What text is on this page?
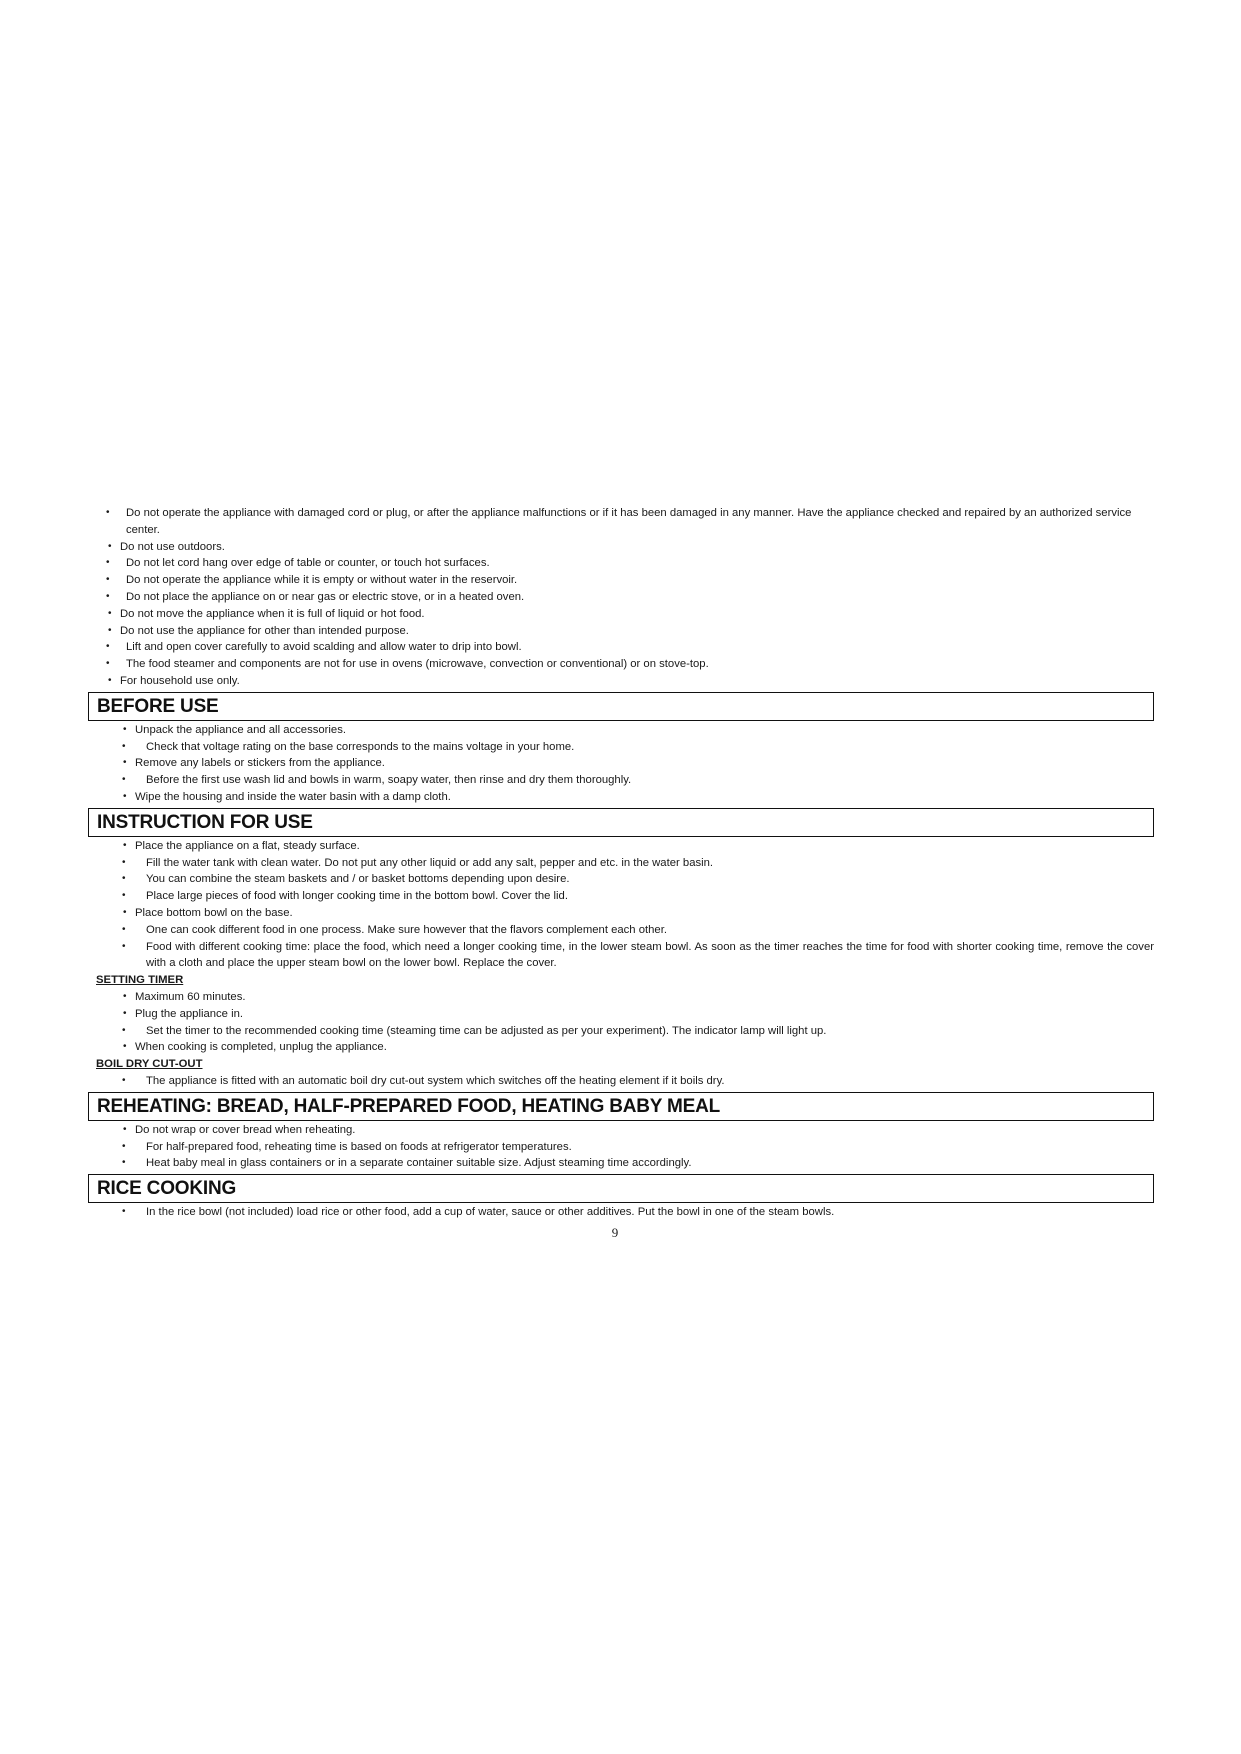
• Do not operate the appliance with damaged cord or plug, or after the appliance malfunctions or if it has been damaged in any manner. Have the appliance checked and repaired by an authorized service center.
• Do not use outdoors.
• Do not let cord hang over edge of table or counter, or touch hot surfaces.
• Do not operate the appliance while it is empty or without water in the reservoir.
• Do not place the appliance on or near gas or electric stove, or in a heated oven.
• Do not move the appliance when it is full of liquid or hot food.
• Do not use the appliance for other than intended purpose.
• Lift and open cover carefully to avoid scalding and allow water to drip into bowl.
• The food steamer and components are not for use in ovens (microwave, convection or conventional) or on stove-top.
• For household use only.
BEFORE USE
• Unpack the appliance and all accessories.
• Check that voltage rating on the base corresponds to the mains voltage in your home.
• Remove any labels or stickers from the appliance.
• Before the first use wash lid and bowls in warm, soapy water, then rinse and dry them thoroughly.
• Wipe the housing and inside the water basin with a damp cloth.
INSTRUCTION FOR USE
• Place the appliance on a flat, steady surface.
• Fill the water tank with clean water. Do not put any other liquid or add any salt, pepper and etc. in the water basin.
• You can combine the steam baskets and / or basket bottoms depending upon desire.
• Place large pieces of food with longer cooking time in the bottom bowl. Cover the lid.
• Place bottom bowl on the base.
• One can cook different food in one process. Make sure however that the flavors complement each other.
• Food with different cooking time: place the food, which need a longer cooking time, in the lower steam bowl. As soon as the timer reaches the time for food with shorter cooking time, remove the cover with a cloth and place the upper steam bowl on the lower bowl. Replace the cover.
SETTING TIMER
• Maximum 60 minutes.
• Plug the appliance in.
• Set the timer to the recommended cooking time (steaming time can be adjusted as per your experiment). The indicator lamp will light up.
• When cooking is completed, unplug the appliance.
BOIL DRY CUT-OUT
• The appliance is fitted with an automatic boil dry cut-out system which switches off the heating element if it boils dry.
REHEATING: BREAD, HALF-PREPARED FOOD, HEATING BABY MEAL
• Do not wrap or cover bread when reheating.
• For half-prepared food, reheating time is based on foods at refrigerator temperatures.
• Heat baby meal in glass containers or in a separate container suitable size. Adjust steaming time accordingly.
RICE COOKING
• In the rice bowl (not included) load rice or other food, add a cup of water, sauce or other additives. Put the bowl in one of the steam bowls.
9
